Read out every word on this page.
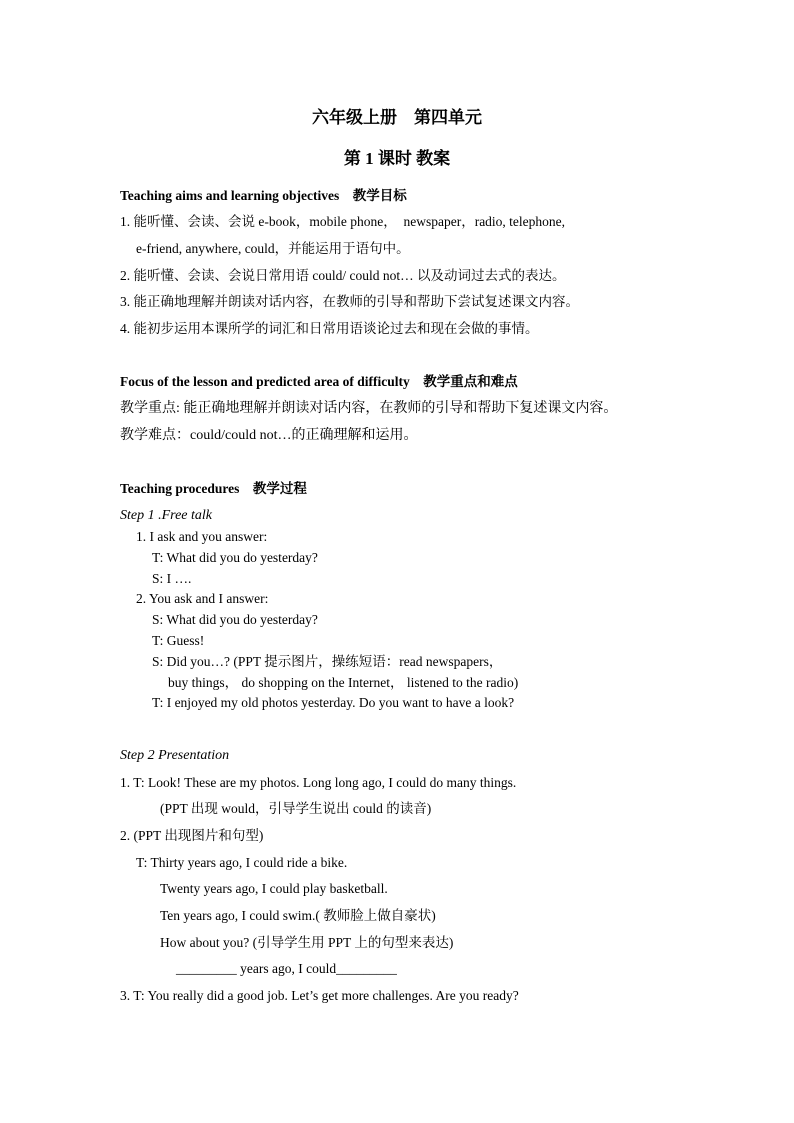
六年级上册　第四单元
第 1 课时 教案
Teaching aims and learning objectives　教学目标
1. 能听懂、会读、会说 e-book，mobile phone，　newspaper，radio, telephone,
e-friend, anywhere, could，并能运用于语句中。
2. 能听懂、会读、会说日常用语 could/ could not… 以及动词过去式的表达。
3. 能正确地理解并朗读对话内容，在教师的引导和帮助下尝试复述课文内容。
4. 能初步运用本课所学的词汇和日常用语谈论过去和现在会做的事情。
Focus of the lesson and predicted area of difficulty　教学重点和难点
教学重点: 能正确地理解并朗读对话内容，在教师的引导和帮助下复述课文内容。
教学难点：could/could not…的正确理解和运用。
Teaching procedures　教学过程
Step 1 .Free talk
1. I ask and you answer:
T: What did you do yesterday?
S: I ….
2. You ask and I answer:
S: What did you do yesterday?
T: Guess!
S: Did you…? (PPT 提示图片，操练短语：read newspapers，
buy things， do shopping on the Internet， listened to the radio)
T: I enjoyed my old photos yesterday. Do you want to have a look?
Step 2 Presentation
1. T: Look! These are my photos. Long long ago, I could do many things.
(PPT 出现 would，引导学生说出 could 的读音)
2. (PPT 出现图片和句型)
T: Thirty years ago, I could ride a bike.
Twenty years ago, I could play basketball.
Ten years ago, I could swim.( 教师脸上做自豪状)
How about you? (引导学生用 PPT 上的句型来表达)
_________ years ago, I could_________
3. T: You really did a good job. Let’s get more challenges. Are you ready?
